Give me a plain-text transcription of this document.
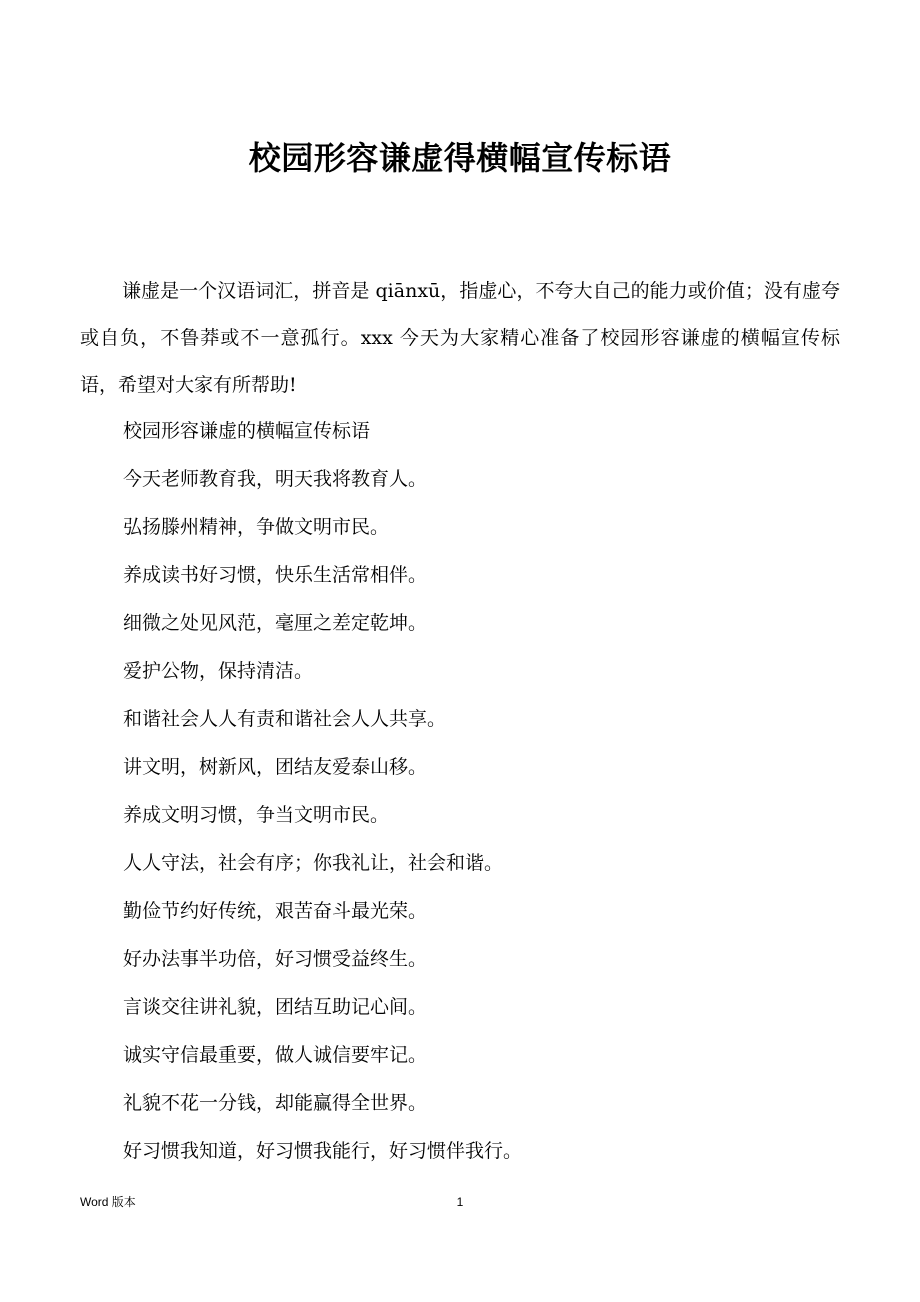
校园形容谦虚得横幅宣传标语

谦虚是一个汉语词汇，拼音是 qiānxū，指虚心，不夸大自己的能力或价值；没有虚夸或自负，不鲁莽或不一意孤行。xxx 今天为大家精心准备了校园形容谦虚的横幅宣传标语，希望对大家有所帮助!

校园形容谦虚的横幅宣传标语
今天老师教育我，明天我将教育人。
弘扬滕州精神，争做文明市民。
养成读书好习惯，快乐生活常相伴。
细微之处见风范，毫厘之差定乾坤。
爱护公物，保持清洁。
和谐社会人人有责和谐社会人人共享。
讲文明，树新风，团结友爱泰山移。
养成文明习惯，争当文明市民。
人人守法，社会有序；你我礼让，社会和谐。
勤俭节约好传统，艰苦奋斗最光荣。
好办法事半功倍，好习惯受益终生。
言谈交往讲礼貌，团结互助记心间。
诚实守信最重要，做人诚信要牢记。
礼貌不花一分钱，却能赢得全世界。
好习惯我知道，好习惯我能行，好习惯伴我行。
Word 版本	1
